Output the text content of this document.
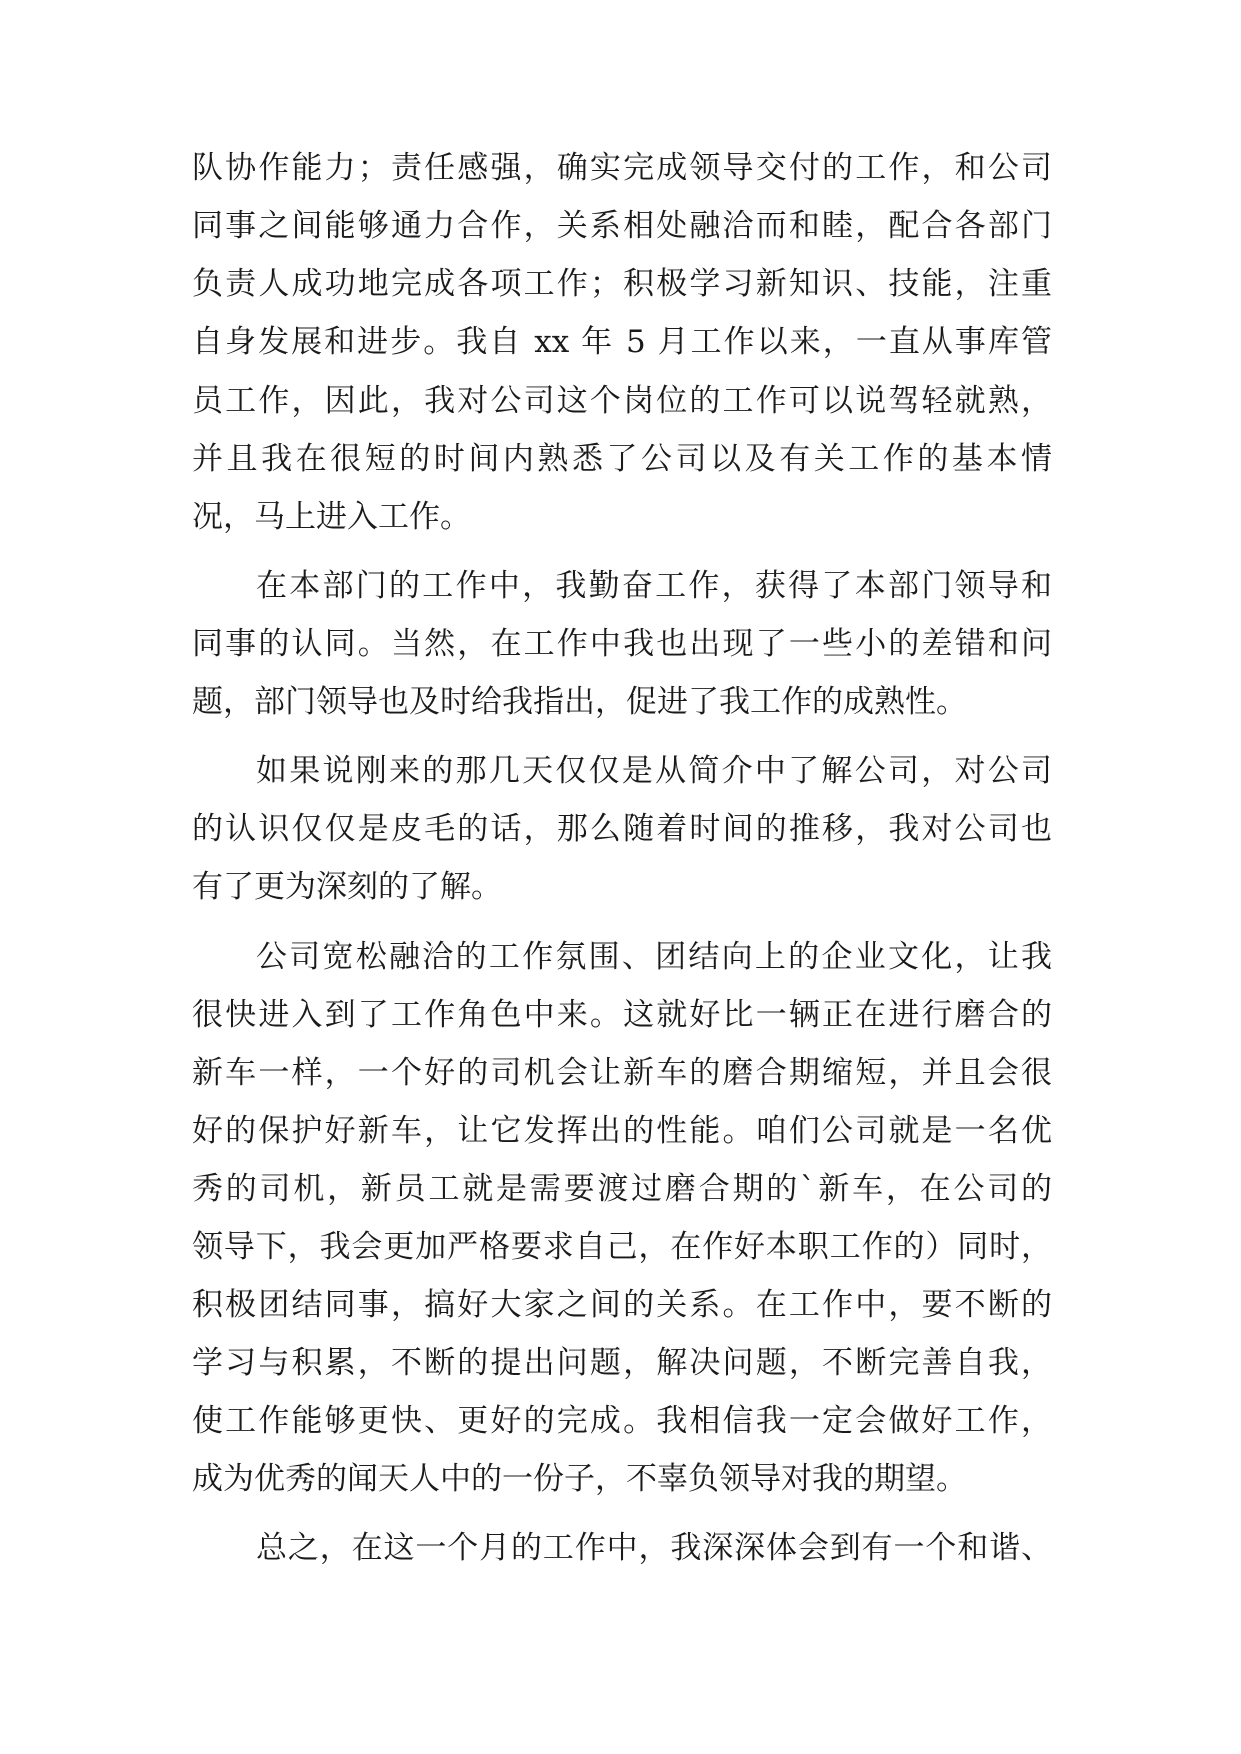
队协作能力；责任感强，确实完成领导交付的工作，和公司
同事之间能够通力合作，关系相处融洽而和睦，配合各部门
负责人成功地完成各项工作；积极学习新知识、技能，注重
自身发展和进步。我自 xx 年 5 月工作以来，一直从事库管
员工作，因此，我对公司这个岗位的工作可以说驾轻就熟，
并且我在很短的时间内熟悉了公司以及有关工作的基本情
况，马上进入工作。
在本部门的工作中，我勤奋工作，获得了本部门领导和
同事的认同。当然，在工作中我也出现了一些小的差错和问
题，部门领导也及时给我指出，促进了我工作的成熟性。
如果说刚来的那几天仅仅是从简介中了解公司，对公司
的认识仅仅是皮毛的话，那么随着时间的推移，我对公司也
有了更为深刻的了解。
公司宽松融洽的工作氛围、团结向上的企业文化，让我
很快进入到了工作角色中来。这就好比一辆正在进行磨合的
新车一样，一个好的司机会让新车的磨合期缩短，并且会很
好的保护好新车，让它发挥出的性能。咱们公司就是一名优
秀的司机，新员工就是需要渡过磨合期的`新车，在公司的
领导下，我会更加严格要求自己，在作好本职工作的）同时，
积极团结同事，搞好大家之间的关系。在工作中，要不断的
学习与积累，不断的提出问题，解决问题，不断完善自我，
使工作能够更快、更好的完成。我相信我一定会做好工作，
成为优秀的闻天人中的一份子，不辜负领导对我的期望。
总之，在这一个月的工作中，我深深体会到有一个和谐、
